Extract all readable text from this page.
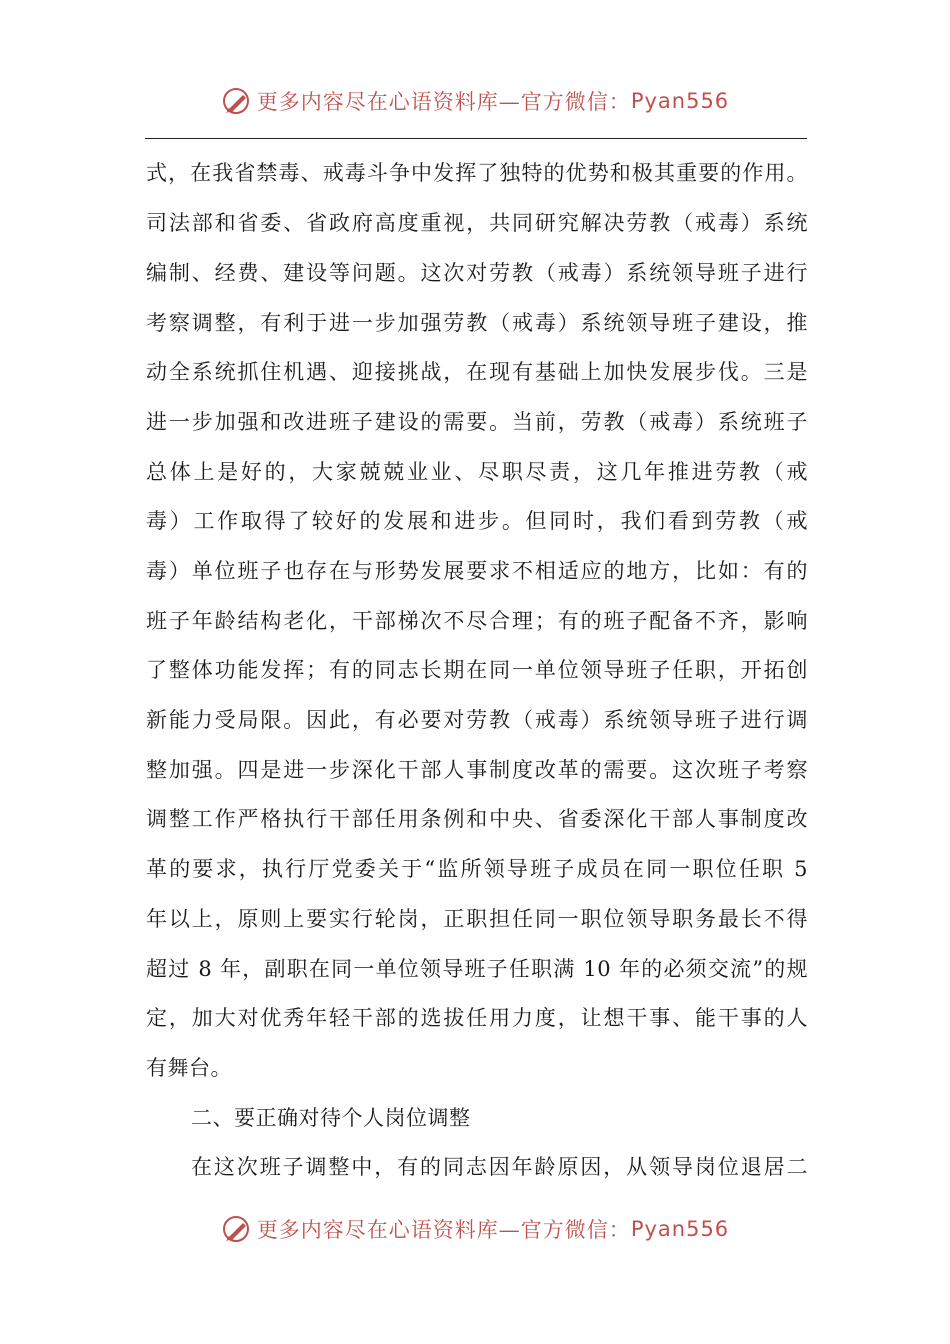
更多内容尽在心语资料库—官方微信： Pyan556
式，在我省禁毒、戒毒斗争中发挥了独特的优势和极其重要的作用。
司法部和省委、省政府高度重视，共同研究解决劳教（戒毒）系统
编制、经费、建设等问题。这次对劳教（戒毒）系统领导班子进行
考察调整，有利于进一步加强劳教（戒毒）系统领导班子建设，推
动全系统抓住机遇、迎接挑战，在现有基础上加快发展步伐。三是
进一步加强和改进班子建设的需要。当前，劳教（戒毒）系统班子
总体上是好的，大家兢兢业业、尽职尽责，这几年推进劳教（戒
毒）工作取得了较好的发展和进步。但同时，我们看到劳教（戒
毒）单位班子也存在与形势发展要求不相适应的地方，比如：有的
班子年龄结构老化，干部梯次不尽合理；有的班子配备不齐，影响
了整体功能发挥；有的同志长期在同一单位领导班子任职，开拓创
新能力受局限。因此，有必要对劳教（戒毒）系统领导班子进行调
整加强。四是进一步深化干部人事制度改革的需要。这次班子考察
调整工作严格执行干部任用条例和中央、省委深化干部人事制度改
革的要求，执行厅党委关于“监所领导班子成员在同一职位任职 5
年以上，原则上要实行轮岗，正职担任同一职位领导职务最长不得
超过 8 年，副职在同一单位领导班子任职满 10 年的必须交流”的规
定，加大对优秀年轻干部的选拔任用力度，让想干事、能干事的人
有舞台。
二、要正确对待个人岗位调整
在这次班子调整中，有的同志因年龄原因，从领导岗位退居二
更多内容尽在心语资料库—官方微信： Pyan556
